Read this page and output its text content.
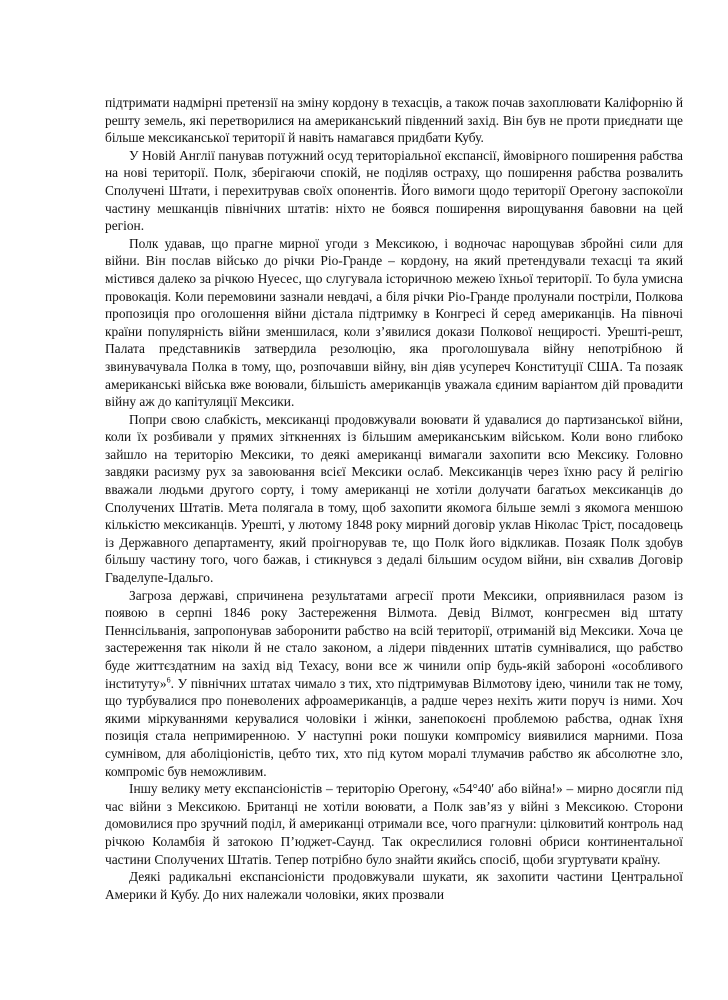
підтримати надмірні претензії на зміну кордону в техасців, а також почав захоплювати Каліфорнію й решту земель, які перетворилися на американський південний захід. Він був не проти приєднати ще більше мексиканської території й навіть намагався придбати Кубу.

У Новій Англії панував потужний осуд територіальної експансії, ймовірного поширення рабства на нові території. Полк, зберігаючи спокій, не поділяв остраху, що поширення рабства розвалить Сполучені Штати, і перехитрував своїх опонентів. Його вимоги щодо території Орегону заспокоїли частину мешканців північних штатів: ніхто не боявся поширення вирощування бавовни на цей регіон.

Полк удавав, що прагне мирної угоди з Мексикою, і водночас нарощував збройні сили для війни. Він послав військо до річки Ріо-Гранде – кордону, на який претендували техасці та який містився далеко за річкою Нуесес, що слугувала історичною межею їхньої території. То була умисна провокація. Коли перемовини зазнали невдачі, а біля річки Ріо-Гранде пролунали постріли, Полкова пропозиція про оголошення війни дістала підтримку в Конгресі й серед американців. На півночі країни популярність війни зменшилася, коли з’явилися докази Полкової нещирості. Урешті-решт, Палата представників затвердила резолюцію, яка проголошувала війну непотрібною й звинувачувала Полка в тому, що, розпочавши війну, він діяв усупереч Конституції США. Та позаяк американські війська вже воювали, більшість американців уважала єдиним варіантом дій провадити війну аж до капітуляції Мексики.

Попри свою слабкість, мексиканці продовжували воювати й удавалися до партизанської війни, коли їх розбивали у прямих зіткненнях із більшим американським військом. Коли воно глибоко зайшло на територію Мексики, то деякі американці вимагали захопити всю Мексику. Головно завдяки расизму рух за завоювання всієї Мексики ослаб. Мексиканців через їхню расу й релігію вважали людьми другого сорту, і тому американці не хотіли долучати багатьох мексиканців до Сполучених Штатів. Мета полягала в тому, щоб захопити якомога більше землі з якомога меншою кількістю мексиканців. Урешті, у лютому 1848 року мирний договір уклав Ніколас Тріст, посадовець із Державного департаменту, який проігнорував те, що Полк його відкликав. Позаяк Полк здобув більшу частину того, чого бажав, і стикнувся з дедалі більшим осудом війни, він схвалив Договір Гваделупе-Ідальго.

Загроза державі, спричинена результатами агресії проти Мексики, оприявнилася разом із появою в серпні 1846 року Застереження Вілмота. Девід Вілмот, конгресмен від штату Пеннсільванія, запропонував заборонити рабство на всій території, отриманій від Мексики. Хоча це застереження так ніколи й не стало законом, а лідери південних штатів сумнівалися, що рабство буде життєздатним на захід від Техасу, вони все ж чинили опір будь-якій забороні «особливого інституту»$^6$. У північних штатах чимало з тих, хто підтримував Вілмотову ідею, чинили так не тому, що турбувалися про поневолених афроамериканців, а радше через нехіть жити поруч із ними. Хоч якими міркуваннями керувалися чоловіки і жінки, занепокоєні проблемою рабства, однак їхня позиція стала непримиренною. У наступні роки пошуки компромісу виявилися марними. Поза сумнівом, для аболіціоністів, цебто тих, хто під кутом моралі тлумачив рабство як абсолютне зло, компроміс був неможливим.

Іншу велику мету експансіоністів – територію Орегону, «54°40′ або війна!» – мирно досягли під час війни з Мексикою. Британці не хотіли воювати, а Полк зав’яз у війні з Мексикою. Сторони домовилися про зручний поділ, й американці отримали все, чого прагнули: цілковитий контроль над річкою Коламбія й затокою П’юджет-Саунд. Так окреслилися головні обриси континентальної частини Сполучених Штатів. Тепер потрібно було знайти якийсь спосіб, щоби згуртувати країну.

Деякі радикальні експансіоністи продовжували шукати, як захопити частини Центральної Америки й Кубу. До них належали чоловіки, яких прозвали
